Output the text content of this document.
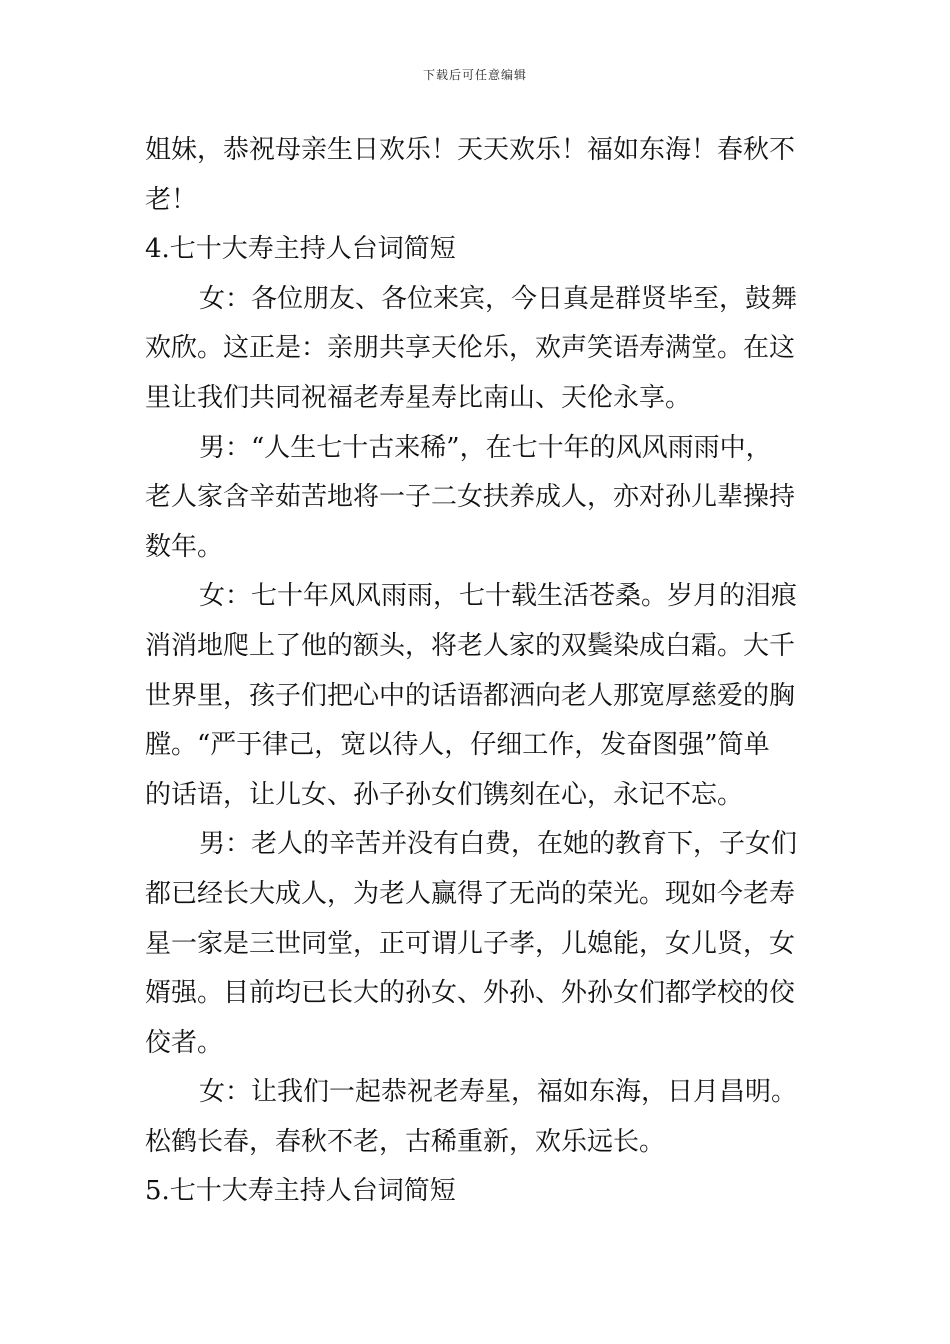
下载后可任意编辑
姐妹，恭祝母亲生日欢乐！天天欢乐！福如东海！春秋不
老！
4.七十大寿主持人台词简短
女：各位朋友、各位来宾，今日真是群贤毕至，鼓舞
欢欣。这正是：亲朋共享天伦乐，欢声笑语寿满堂。在这
里让我们共同祝福老寿星寿比南山、天伦永享。
男：“人生七十古来稀”，在七十年的风风雨雨中，
老人家含辛茹苦地将一子二女扶养成人，亦对孙儿辈操持
数年。
女：七十年风风雨雨，七十载生活苍桑。岁月的泪痕
消消地爬上了他的额头，将老人家的双鬓染成白霜。大千
世界里，孩子们把心中的话语都洒向老人那宽厚慈爱的胸
膛。“严于律己，宽以待人，仔细工作，发奋图强”简单
的话语，让儿女、孙子孙女们镌刻在心，永记不忘。
男：老人的辛苦并没有白费，在她的教育下，子女们
都已经长大成人，为老人赢得了无尚的荣光。现如今老寿
星一家是三世同堂，正可谓儿子孝，儿媳能，女儿贤，女
婿强。目前均已长大的孙女、外孙、外孙女们都学校的佼
佼者。
女：让我们一起恭祝老寿星，福如东海，日月昌明。
松鹤长春，春秋不老，古稀重新，欢乐远长。
5.七十大寿主持人台词简短
